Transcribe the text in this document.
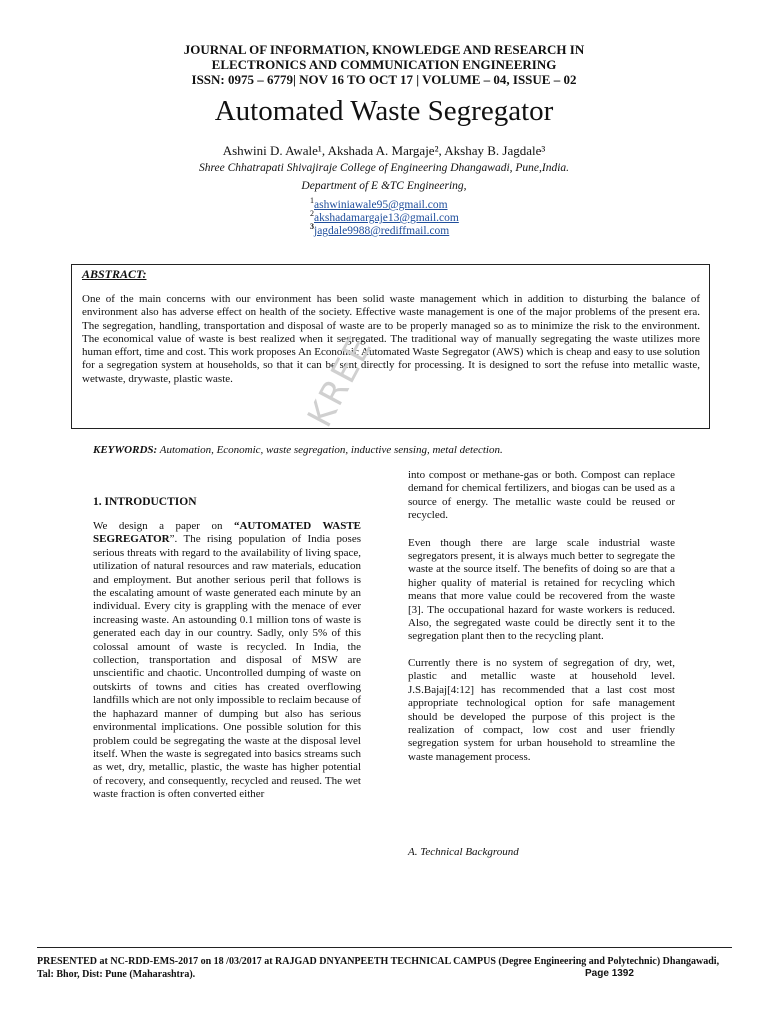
JOURNAL OF INFORMATION, KNOWLEDGE AND RESEARCH IN
ELECTRONICS AND COMMUNICATION ENGINEERING
ISSN: 0975 – 6779| NOV 16 TO OCT 17 | VOLUME – 04, ISSUE – 02
Automated Waste Segregator
Ashwini D. Awale¹, Akshada A. Margaje², Akshay B. Jagdale³
Shree Chhatrapati Shivajiraje College of Engineering Dhangawadi, Pune,India.
Department of E &TC Engineering,
$^1$ashwiniawale95@gmail.com
$^2$akshadamargaje13@gmail.com
$^3$jagdale9988@rediffmail.com
ABSTRACT:
One of the main concerns with our environment has been solid waste management which in addition to disturbing the balance of environment also has adverse effect on health of the society. Effective waste management is one of the major problems of the present era. The segregation, handling, transportation and disposal of waste are to be properly managed so as to minimize the risk to the environment. The economical value of waste is best realized when it segregated. The traditional way of manually segregating the waste utilizes more human effort, time and cost. This work proposes An Economic Automated Waste Segregator (AWS) which is cheap and easy to use solution for a segregation system at households, so that it can be sent directly for processing. It is designed to sort the refuse into metallic waste, wetwaste, drywaste, plastic waste.	KREE
KEYWORDS: Automation, Economic, waste segregation, inductive sensing, metal detection.
1. INTRODUCTION

We design a paper on “AUTOMATED WASTE SEGREGATOR”. The rising population of India poses serious threats with regard to the availability of living space, utilization of natural resources and raw materials, education and employment. But another serious peril that follows is the escalating amount of waste generated each minute by an individual. Every city is grappling with the menace of ever increasing waste. An astounding 0.1 million tons of waste is generated each day in our country. Sadly, only 5% of this colossal amount of waste is recycled. In India, the collection, transportation and disposal of MSW are unscientific and chaotic. Uncontrolled dumping of waste on outskirts of towns and cities has created overflowing landfills which are not only impossible to reclaim because of the haphazard manner of dumping but also has serious environmental implications. One possible solution for this problem could be segregating the waste at the disposal level itself. When the waste is segregated into basics streams such as wet, dry, metallic, plastic, the waste has higher potential of recovery, and consequently, recycled and reused. The wet waste fraction is often converted either

into compost or methane-gas or both. Compost can replace demand for chemical fertilizers, and biogas can be used as a source of energy. The metallic waste could be reused or recycled.

Even though there are large scale industrial waste segregators present, it is always much better to segregate the waste at the source itself. The benefits of doing so are that a higher quality of material is retained for recycling which means that more value could be recovered from the waste [3]. The occupational hazard for waste workers is reduced. Also, the segregated waste could be directly sent it to the segregation plant then to the recycling plant.

Currently there is no system of segregation of dry, wet, plastic and metallic waste at household level. J.S.Bajaj[4:12] has recommended that a last cost most appropriate technological option for safe management should be developed the purpose of this project is the realization of compact, low cost and user friendly segregation system for urban household to streamline the waste management process.

A. Technical Background
PRESENTED at NC-RDD-EMS-2017 on 18 /03/2017 at RAJGAD DNYANPEETH TECHNICAL CAMPUS (Degree Engineering and Polytechnic) Dhangawadi, Tal: Bhor, Dist: Pune (Maharashtra).	Page 1392
